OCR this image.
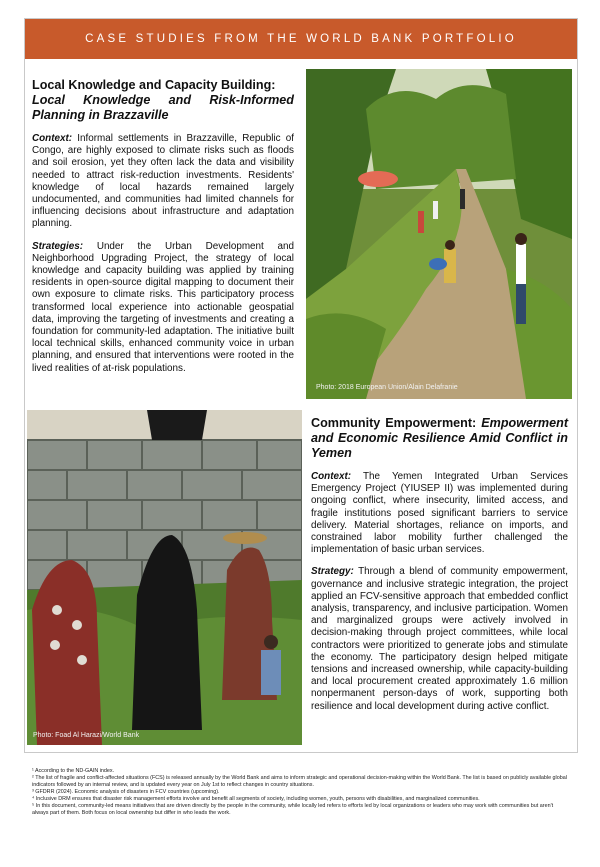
CASE STUDIES FROM THE WORLD BANK PORTFOLIO
Local Knowledge and Capacity Building:
Local Knowledge and Risk-Informed Planning in Brazzaville

Context: Informal settlements in Brazzaville, Republic of Congo, are highly exposed to climate risks such as floods and soil erosion, yet they often lack the data and visibility needed to attract risk-reduction investments. Residents' knowledge of local hazards remained largely undocumented, and communities had limited channels for influencing decisions about infrastructure and adaptation planning.

Strategies: Under the Urban Development and Neighborhood Upgrading Project, the strategy of local knowledge and capacity building was applied by training residents in open-source digital mapping to document their own exposure to climate risks. This participatory process transformed local experience into actionable geospatial data, improving the targeting of investments and creating a foundation for community-led adaptation. The initiative built local technical skills, enhanced community voice in urban planning, and ensured that interventions were rooted in the lived realities of at-risk populations.

Photo: 2018 European Union/Alain Delafranie
Photo: Foad Al Harazi/World Bank
Community Empowerment: Empowerment and Economic Resilience Amid Conflict in Yemen

Context: The Yemen Integrated Urban Services Emergency Project (YIUSEP II) was implemented during ongoing conflict, where insecurity, limited access, and fragile institutions posed significant barriers to service delivery. Material shortages, reliance on imports, and constrained labor mobility further challenged the implementation of basic urban services.

Strategy: Through a blend of community empowerment, governance and inclusive strategic integration, the project applied an FCV-sensitive approach that embedded conflict analysis, transparency, and inclusive participation. Women and marginalized groups were actively involved in decision-making through project committees, while local contractors were prioritized to generate jobs and stimulate the economy. The participatory design helped mitigate tensions and increased ownership, while capacity-building and local procurement created approximately 1.6 million nonpermanent person-days of work, supporting both resilience and local development during active conflict.

¹ According to the ND-GAIN index.
² The list of fragile and conflict-affected situations (FCS) is released annually by the World Bank and aims to inform strategic and operational decision-making within the World Bank. The list is based on publicly available global indicators followed by an internal review, and is updated every year on July 1st to reflect changes in country situations.
³ GFDRR (2024). Economic analysis of disasters in FCV countries (upcoming).
⁴ Inclusive DRM ensures that disaster risk management efforts involve and benefit all segments of society, including women, youth, persons with disabilities, and marginalized communities.
⁵ In this document, community-led means initiatives that are driven directly by the people in the community, while locally led refers to efforts led by local organizations or leaders who may work with communities but aren't always part of them. Both focus on local ownership but differ in who leads the work.
